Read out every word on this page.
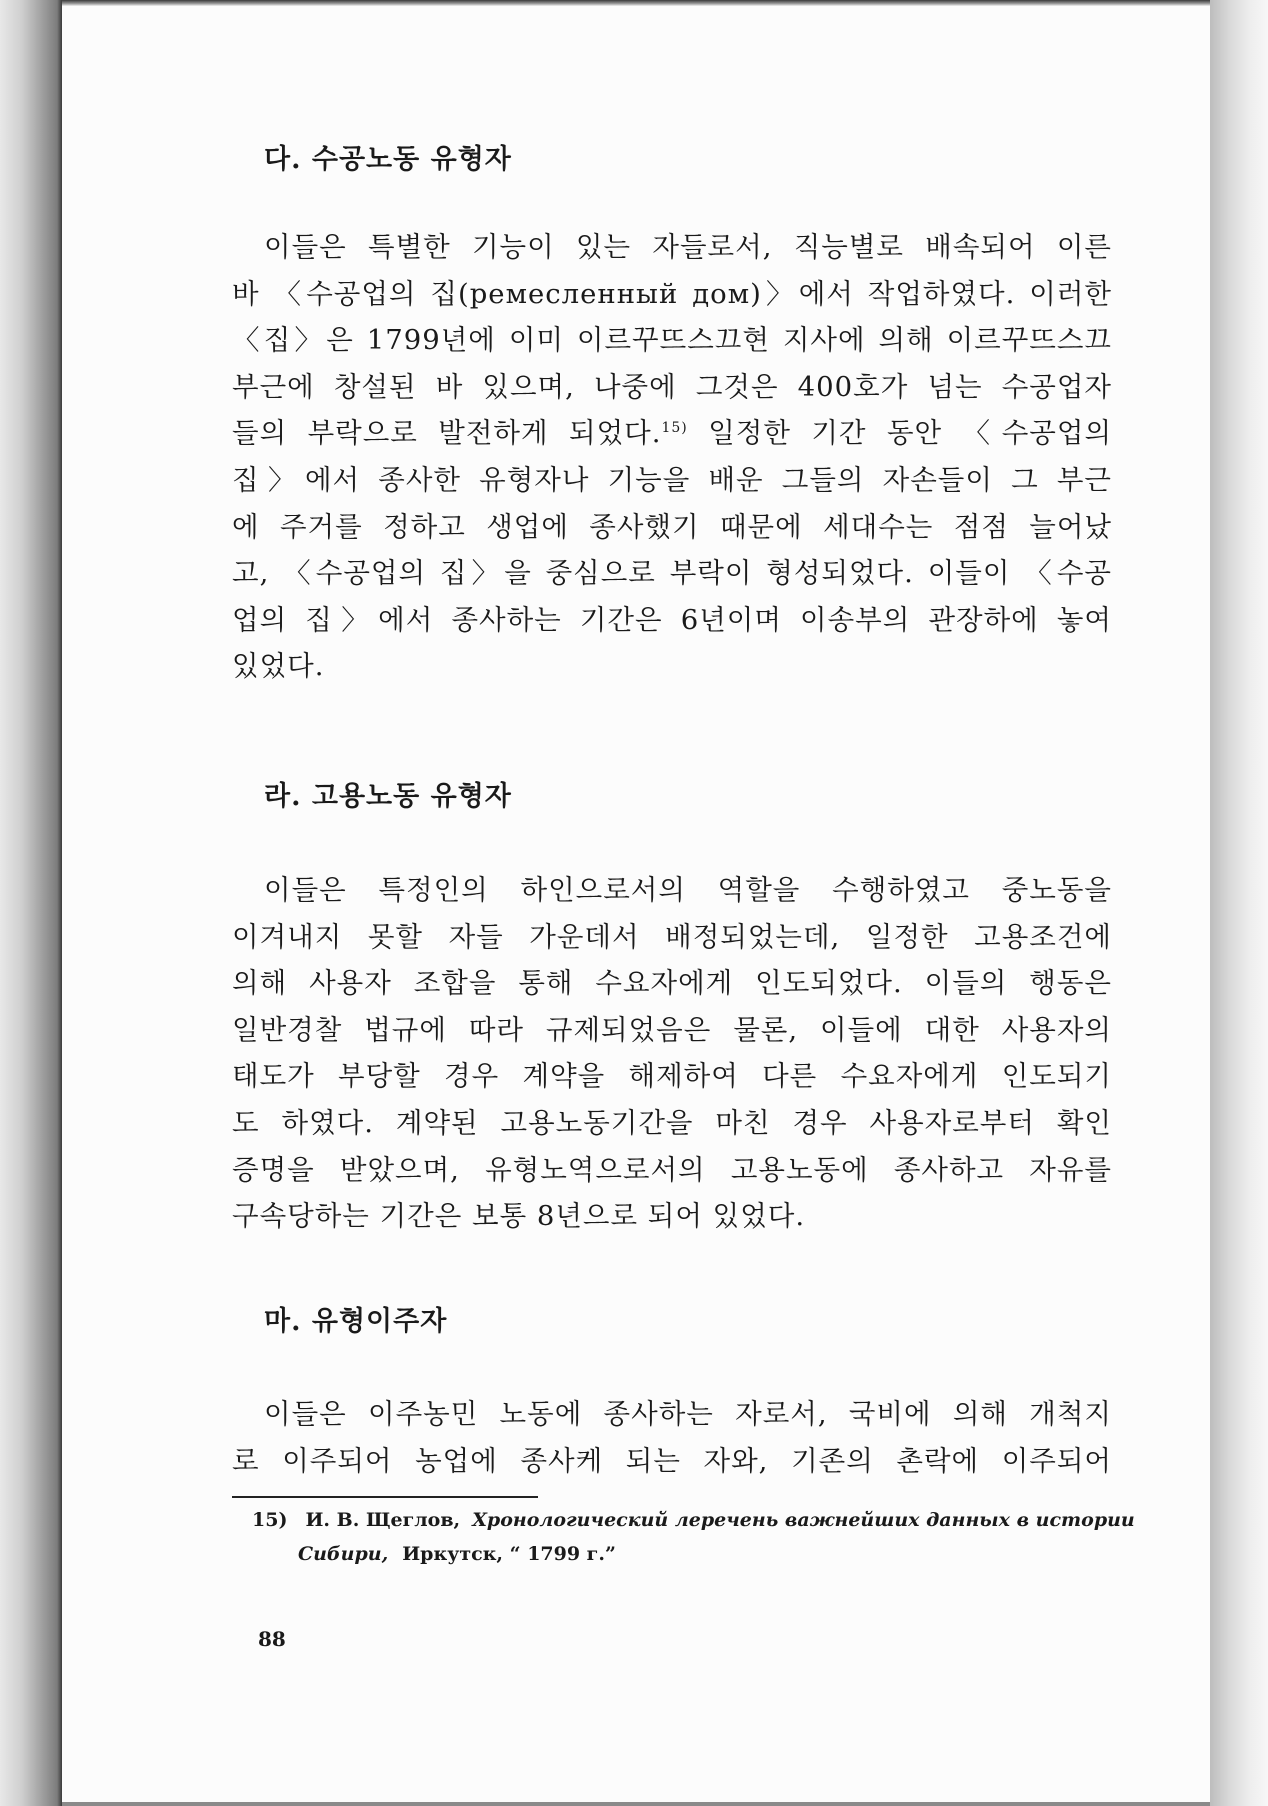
다. 수공노동 유형자
이들은 특별한 기능이 있는 자들로서, 직능별로 배속되어 이른
바 〈수공업의 집(ремесленный дом)〉에서 작업하였다. 이러한
〈집〉은 1799년에 이미 이르꾸뜨스끄현 지사에 의해 이르꾸뜨스끄
부근에 창설된 바 있으며, 나중에 그것은 400호가 넘는 수공업자
들의 부락으로 발전하게 되었다.$^{15)}$ 일정한 기간 동안 〈수공업의
집〉에서 종사한 유형자나 기능을 배운 그들의 자손들이 그 부근
에 주거를 정하고 생업에 종사했기 때문에 세대수는 점점 늘어났
고, 〈수공업의 집〉을 중심으로 부락이 형성되었다. 이들이 〈수공
업의 집〉에서 종사하는 기간은 6년이며 이송부의 관장하에 놓여
있었다.
라. 고용노동 유형자
이들은 특정인의 하인으로서의 역할을 수행하였고 중노동을
이겨내지 못할 자들 가운데서 배정되었는데, 일정한 고용조건에
의해 사용자 조합을 통해 수요자에게 인도되었다. 이들의 행동은
일반경찰 법규에 따라 규제되었음은 물론, 이들에 대한 사용자의
태도가 부당할 경우 계약을 해제하여 다른 수요자에게 인도되기
도 하였다. 계약된 고용노동기간을 마친 경우 사용자로부터 확인
증명을 받았으며, 유형노역으로서의 고용노동에 종사하고 자유를
구속당하는 기간은 보통 8년으로 되어 있었다.
마. 유형이주자
이들은 이주농민 노동에 종사하는 자로서, 국비에 의해 개척지
로 이주되어 농업에 종사케 되는 자와, 기존의 촌락에 이주되어
15) И. В. Щеглов, Хронологический леречень важнейших данных в истории
Сибири, Иркутск, “ 1799 г.”
88
